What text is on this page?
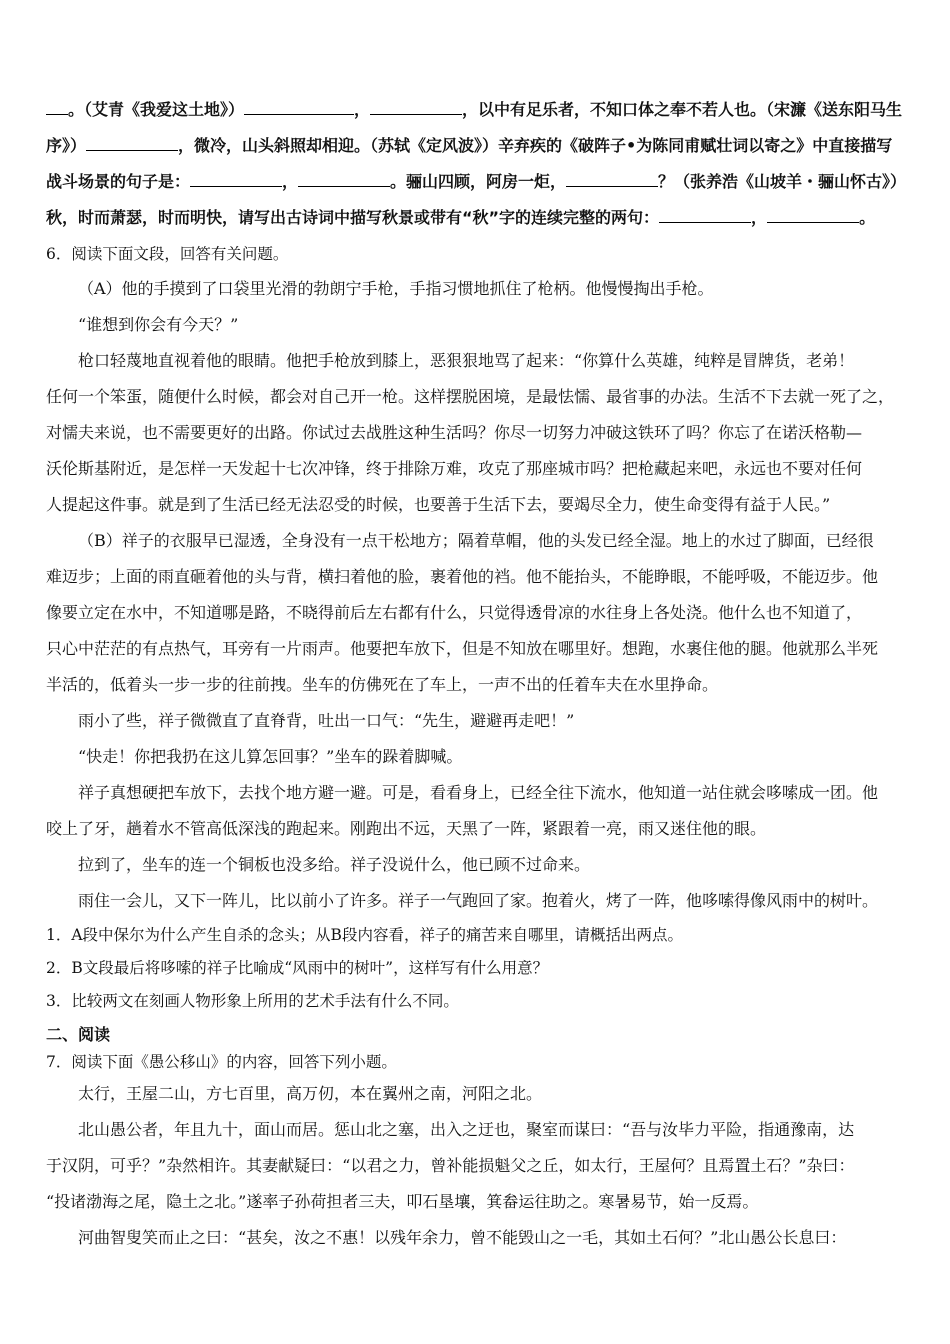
。（艾青《我爱这土地》）	，	，以中有足乐者，不知口体之奉不若人也。（宋濂《送东阳马生

序》）	，微冷，山头斜照却相迎。（苏轼《定风波》）辛弃疾的《破阵子•为陈同甫赋壮词以寄之》中直接描写

战斗场景的句子是：	，	。骊山四顾，阿房一炬，	？（张养浩《山坡羊・骊山怀古》）

秋，时而萧瑟，时而明快，请写出古诗词中描写秋景或带有“秋”字的连续完整的两句：	，	。

6．阅读下面文段，回答有关问题。

（A）他的手摸到了口袋里光滑的勃朗宁手枪，手指习惯地抓住了枪柄。他慢慢掏出手枪。

“谁想到你会有今天？”

枪口轻蔑地直视着他的眼睛。他把手枪放到膝上，恶狠狠地骂了起来：“你算什么英雄，纯粹是冒牌货，老弟！

任何一个笨蛋，随便什么时候，都会对自己开一枪。这样摆脱困境，是最怯懦、最省事的办法。生活不下去就一死了之，

对懦夫来说，也不需要更好的出路。你试过去战胜这种生活吗？你尽一切努力冲破这铁环了吗？你忘了在诺沃格勒—

沃伦斯基附近，是怎样一天发起十七次冲锋，终于排除万难，攻克了那座城市吗？把枪藏起来吧，永远也不要对任何

人提起这件事。就是到了生活已经无法忍受的时候，也要善于生活下去，要竭尽全力，使生命变得有益于人民。”

（B）祥子的衣服早已湿透，全身没有一点干松地方；隔着草帽，他的头发已经全湿。地上的水过了脚面，已经很

难迈步；上面的雨直砸着他的头与背，横扫着他的脸，裹着他的裆。他不能抬头，不能睁眼，不能呼吸，不能迈步。他

像要立定在水中，不知道哪是路，不晓得前后左右都有什么，只觉得透骨凉的水往身上各处浇。他什么也不知道了，

只心中茫茫的有点热气，耳旁有一片雨声。他要把车放下，但是不知放在哪里好。想跑，水裹住他的腿。他就那么半死

半活的，低着头一步一步的往前拽。坐车的仿佛死在了车上，一声不出的任着车夫在水里挣命。

雨小了些，祥子微微直了直脊背，吐出一口气：“先生，避避再走吧！”

“快走！你把我扔在这儿算怎回事？”坐车的跺着脚喊。

祥子真想硬把车放下，去找个地方避一避。可是，看看身上，已经全往下流水，他知道一站住就会哆嗦成一团。他

咬上了牙，趟着水不管高低深浅的跑起来。刚跑出不远，天黑了一阵，紧跟着一亮，雨又迷住他的眼。

拉到了，坐车的连一个铜板也没多给。祥子没说什么，他已顾不过命来。

雨住一会儿，又下一阵儿，比以前小了许多。祥子一气跑回了家。抱着火，烤了一阵，他哆嗦得像风雨中的树叶。

1．A段中保尔为什么产生自杀的念头；从B段内容看，祥子的痛苦来自哪里，请概括出两点。

2．B文段最后将哆嗦的祥子比喻成“风雨中的树叶”，这样写有什么用意？

3．比较两文在刻画人物形象上所用的艺术手法有什么不同。

二、阅读

7．阅读下面《愚公移山》的内容，回答下列小题。

太行，王屋二山，方七百里，高万仞，本在翼州之南，河阳之北。

北山愚公者，年且九十，面山而居。惩山北之塞，出入之迂也，聚室而谋曰：“吾与汝毕力平险，指通豫南，达

于汉阴，可乎？”杂然相许。其妻献疑曰：“以君之力，曾补能损魁父之丘，如太行，王屋何？且焉置土石？”杂曰：

“投诸渤海之尾，隐土之北。”遂率子孙荷担者三夫，叩石垦壤，箕畚运往助之。寒暑易节，始一反焉。

河曲智叟笑而止之曰：“甚矣，汝之不惠！以残年余力，曾不能毁山之一毛，其如土石何？”北山愚公长息曰：
